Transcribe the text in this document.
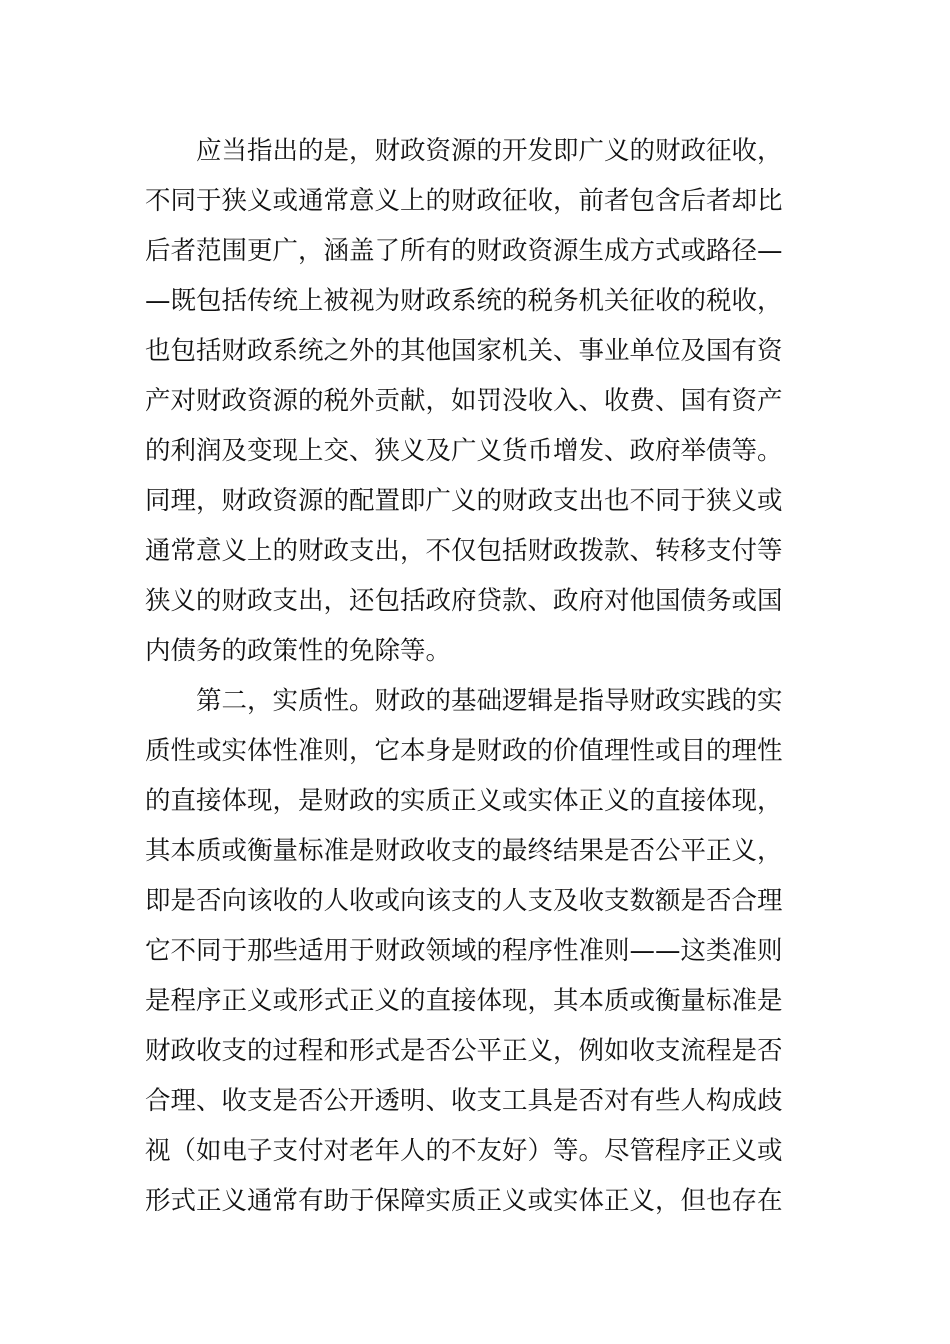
应当指出的是，财政资源的开发即广义的财政征收，
不同于狭义或通常意义上的财政征收，前者包含后者却比
后者范围更广，涵盖了所有的财政资源生成方式或路径—
—既包括传统上被视为财政系统的税务机关征收的税收，
也包括财政系统之外的其他国家机关、事业单位及国有资
产对财政资源的税外贡献，如罚没收入、收费、国有资产
的利润及变现上交、狭义及广义货币增发、政府举债等。
同理，财政资源的配置即广义的财政支出也不同于狭义或
通常意义上的财政支出，不仅包括财政拨款、转移支付等
狭义的财政支出，还包括政府贷款、政府对他国债务或国
内债务的政策性的免除等。
第二，实质性。财政的基础逻辑是指导财政实践的实
质性或实体性准则，它本身是财政的价值理性或目的理性
的直接体现，是财政的实质正义或实体正义的直接体现，
其本质或衡量标准是财政收支的最终结果是否公平正义，
即是否向该收的人收或向该支的人支及收支数额是否合理
它不同于那些适用于财政领域的程序性准则——这类准则
是程序正义或形式正义的直接体现，其本质或衡量标准是
财政收支的过程和形式是否公平正义，例如收支流程是否
合理、收支是否公开透明、收支工具是否对有些人构成歧
视（如电子支付对老年人的不友好）等。尽管程序正义或
形式正义通常有助于保障实质正义或实体正义，但也存在
